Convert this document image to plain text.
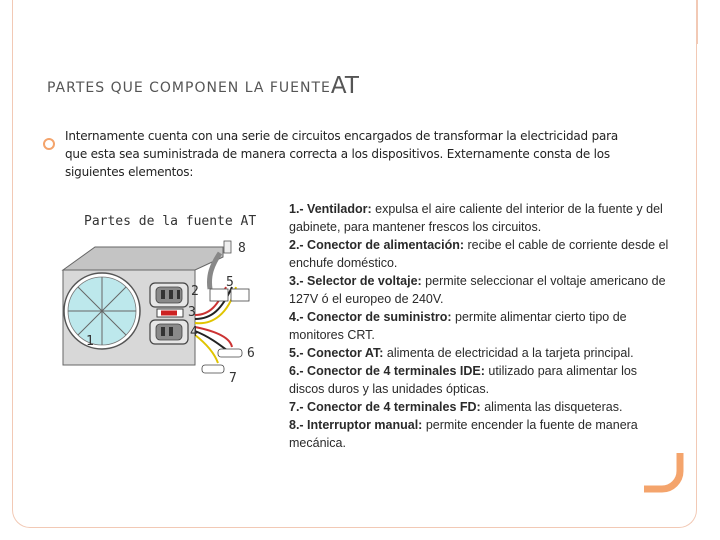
PARTES QUE COMPONEN LA FUENTEAT
Internamente cuenta con una serie de circuitos encargados de transformar la electricidad para que esta sea suministrada de manera correcta a los dispositivos. Externamente consta de los siguientes elementos:
Partes de la fuente AT
1
2
3
4
5
6
7
8

1.- Ventilador: expulsa el aire caliente del interior de la fuente y del gabinete, para mantener frescos los circuitos.

2.- Conector de alimentación: recibe el cable de corriente desde el enchufe doméstico.

3.- Selector de voltaje: permite seleccionar el voltaje americano de 127V ó el europeo de 240V.

4.- Conector de suministro: permite alimentar cierto tipo de monitores CRT.

5.- Conector AT: alimenta de electricidad a la tarjeta principal.

6.- Conector de 4 terminales IDE: utilizado para alimentar los discos duros y las unidades ópticas.

7.- Conector de 4 terminales FD: alimenta las disqueteras.

8.- Interruptor manual: permite encender la fuente de manera mecánica.
